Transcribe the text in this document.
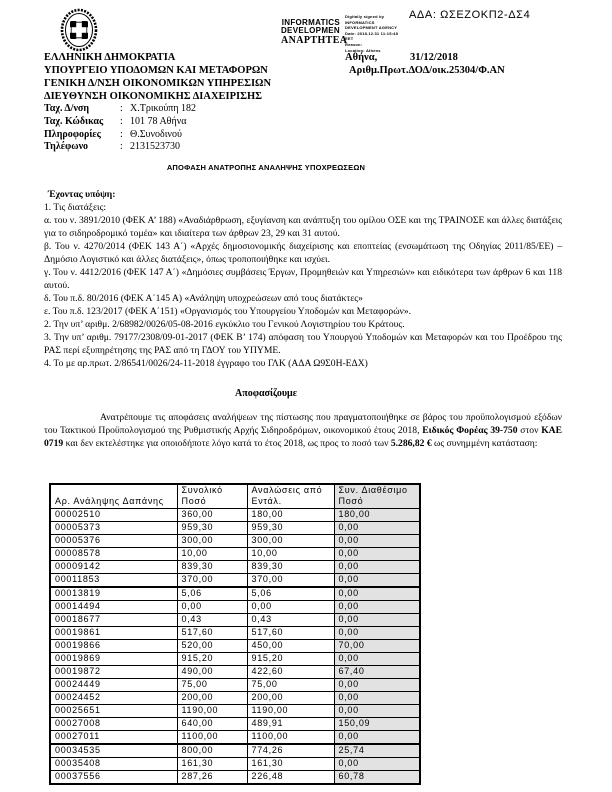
ΑΔΑ: ΩΣΕΖΟΚΠ2-ΔΣ4
INFORMATICS
DEVELOPMEN
Digitally signed by
INFORMATICS
DEVELOPMENT AGENCY
Date: 2018.12.31 11:15:48
EET
Reason:
Location: Athens
ΑΝΑΡΤΗΤΕΑ
ΕΛΛΗΝΙΚΗ ΔΗΜΟΚΡΑΤΙΑ
ΥΠΟΥΡΓΕΙΟ ΥΠΟΔΟΜΩΝ ΚΑΙ ΜΕΤΑΦΟΡΩΝ
ΓΕΝΙΚΗ Δ/ΝΣΗ ΟΙΚΟΝΟΜΙΚΩΝ ΥΠΗΡΕΣΙΩΝ
ΔΙΕΥΘΥΝΣΗ ΟΙΚΟΝΟΜΙΚΗΣ ΔΙΑΧΕΙΡΙΣΗΣ
Ταχ. Δ/νση	: Χ.Τρικούπη 182
Ταχ. Κώδικας	: 101 78 Αθήνα
Πληροφορίες	: Θ.Συνοδινού
Τηλέφωνο	: 2131523730
Αθήνα,	31/12/2018
Αριθμ.Πρωτ.ΔΟΔ/οικ.25304/Φ.ΑΝ
ΑΠΟΦΑΣΗ ΑΝΑΤΡΟΠΗΣ ΑΝΑΛΗΨΗΣ ΥΠΟΧΡΕΩΣΕΩΝ

Έχοντας υπόψη:

1. Τις διατάξεις:

α. του ν. 3891/2010 (ΦΕΚ Α’ 188) «Αναδιάρθρωση, εξυγίανση και ανάπτυξη του ομίλου ΟΣΕ και της ΤΡΑΙΝΟΣΕ και άλλες διατάξεις για το σιδηροδρομικό τομέα» και ιδιαίτερα των άρθρων 23, 29 και 31 αυτού.

β. Του ν. 4270/2014 (ΦΕΚ 143 Α΄) «Αρχές δημοσιονομικής διαχείρισης και εποπτείας (ενσωμάτωση της Οδηγίας 2011/85/ΕΕ) – Δημόσιο Λογιστικό και άλλες διατάξεις», όπως τροποποιήθηκε και ισχύει.

γ. Του ν. 4412/2016 (ΦΕΚ 147 Α΄) «Δημόσιες συμβάσεις Έργων, Προμηθειών και Υπηρεσιών» και ειδικότερα των άρθρων 6 και 118 αυτού.

δ. Του π.δ. 80/2016 (ΦΕΚ Α΄145 Α) «Ανάληψη υποχρεώσεων από τους διατάκτες»

ε. Του π.δ. 123/2017 (ΦΕΚ Α΄151) «Οργανισμός του Υπουργείου Υποδομών και Μεταφορών».

2. Την υπ’ αριθμ. 2/68982/0026/05-08-2016 εγκύκλιο του Γενικού Λογιστηρίου του Κράτους.

3. Την υπ’ αριθμ. 79177/2308/09-01-2017 (ΦΕΚ Β’ 174) απόφαση του Υπουργού Υποδομών και Μεταφορών και του Προέδρου της ΡΑΣ περί εξυπηρέτησης της ΡΑΣ από τη ΓΔΟΥ του ΥΠΥΜΕ.

4. Το με αρ.πρωτ. 2/86541/0026/24-11-2018 έγγραφο του ΓΛΚ (ΑΔΑ Ω9Σ0Η-ΕΔΧ)

Αποφασίζουμε

Ανατρέπουμε τις αποφάσεις αναλήψεων της πίστωσης που πραγματοποιήθηκε σε βάρος του προϋπολογισμού εξόδων του Τακτικού Προϋπολογισμού της Ρυθμιστικής Αρχής Σιδηροδρόμων, οικονομικού έτους 2018, Ειδικός Φορέας 39-750 στον ΚΑΕ 0719 και δεν εκτελέστηκε για οποιοδήποτε λόγο κατά το έτος 2018, ως προς το ποσό των 5.286,82 € ως συνημμένη κατάσταση:

Αρ. Ανάληψης Δαπάνης	Συνολικό Ποσό	Αναλώσεις από Εντάλ.	Συν. Διαθέσιμο Ποσό
00002510	360,00	180,00	180,00
00005373	959,30	959,30	0,00
00005376	300,00	300,00	0,00
00008578	10,00	10,00	0,00
00009142	839,30	839,30	0,00
00011853	370,00	370,00	0,00
00013819	5,06	5,06	0,00
00014494	0,00	0,00	0,00
00018677	0,43	0,43	0,00
00019861	517,60	517,60	0,00
00019866	520,00	450,00	70,00
00019869	915,20	915,20	0,00
00019872	490,00	422,60	67,40
00024449	75,00	75,00	0,00
00024452	200,00	200,00	0,00
00025651	1190,00	1190,00	0,00
00027008	640,00	489,91	150,09
00027011	1100,00	1100,00	0,00
00034535	800,00	774,26	25,74
00035408	161,30	161,30	0,00
00037556	287,26	226,48	60,78
